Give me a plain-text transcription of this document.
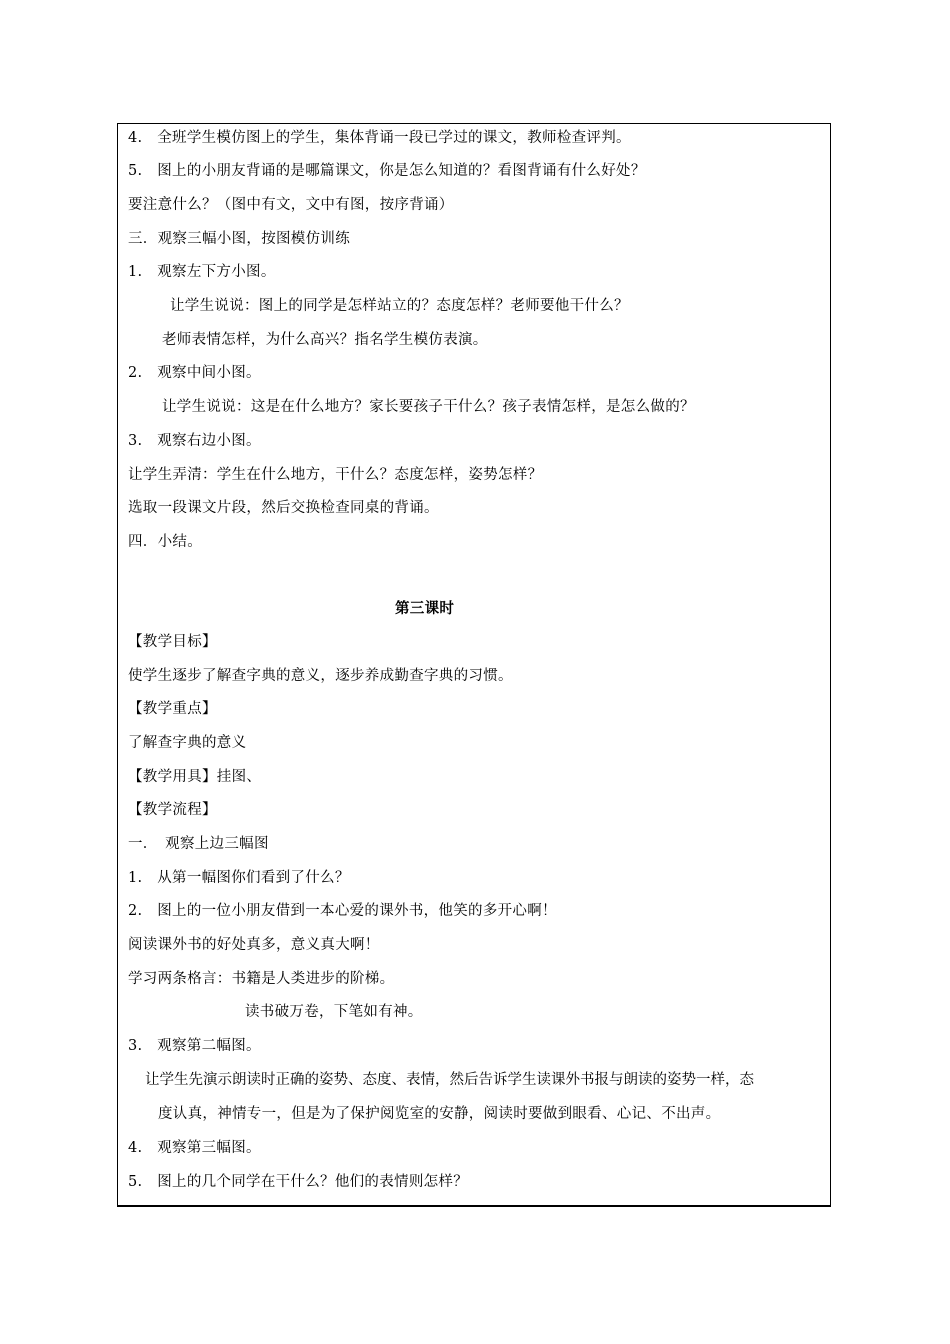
4.　全班学生模仿图上的学生，集体背诵一段已学过的课文，教师检查评判。
5.　图上的小朋友背诵的是哪篇课文，你是怎么知道的？看图背诵有什么好处？
要注意什么？（图中有文，文中有图，按序背诵）
三．观察三幅小图，按图模仿训练
1.　观察左下方小图。
让学生说说：图上的同学是怎样站立的？态度怎样？老师要他干什么？
老师表情怎样，为什么高兴？指名学生模仿表演。
2.　观察中间小图。
让学生说说：这是在什么地方？家长要孩子干什么？孩子表情怎样，是怎么做的？
3.　观察右边小图。
让学生弄清：学生在什么地方，干什么？态度怎样，姿势怎样？
选取一段课文片段，然后交换检查同桌的背诵。
四．小结。
第三课时
【教学目标】
使学生逐步了解查字典的意义，逐步养成勤查字典的习惯。
【教学重点】
了解查字典的意义
【教学用具】挂图、
【教学流程】
一．　观察上边三幅图
1.　从第一幅图你们看到了什么？
2.　图上的一位小朋友借到一本心爱的课外书，他笑的多开心啊！
阅读课外书的好处真多，意义真大啊！
学习两条格言：书籍是人类进步的阶梯。
读书破万卷，下笔如有神。
3.　观察第二幅图。
让学生先演示朗读时正确的姿势、态度、表情，然后告诉学生读课外书报与朗读的姿势一样，态
度认真，神情专一，但是为了保护阅览室的安静，阅读时要做到眼看、心记、不出声。
4.　观察第三幅图。
5.　图上的几个同学在干什么？他们的表情则怎样？
